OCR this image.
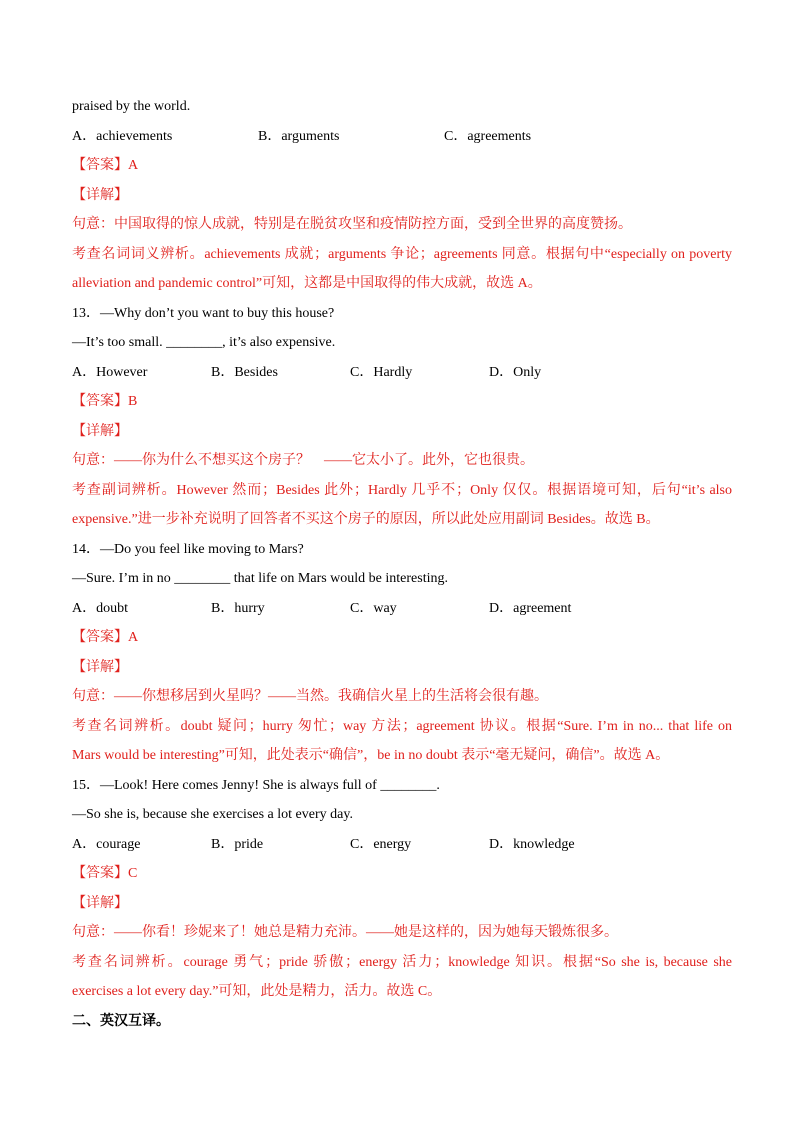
praised by the world.
A．achievements	B．arguments	C．agreements
【答案】A
【详解】
句意：中国取得的惊人成就，特别是在脱贫攻坚和疫情防控方面，受到全世界的高度赞扬。
考查名词词义辨析。achievements 成就；arguments 争论；agreements 同意。根据句中“especially on poverty
alleviation and pandemic control”可知，这都是中国取得的伟大成就，故选 A。
13．—Why don’t you want to buy this house?
—It’s too small. ________, it’s also expensive.
A．However	B．Besides	C．Hardly	D．Only
【答案】B
【详解】
句意：——你为什么不想买这个房子？　——它太小了。此外，它也很贵。
考查副词辨析。However 然而；Besides 此外；Hardly 几乎不；Only 仅仅。根据语境可知，后句“it’s also
expensive.”进一步补充说明了回答者不买这个房子的原因，所以此处应用副词 Besides。故选 B。
14．—Do you feel like moving to Mars?
—Sure. I’m in no ________ that life on Mars would be interesting.
A．doubt	B．hurry	C．way	D．agreement
【答案】A
【详解】
句意：——你想移居到火星吗？——当然。我确信火星上的生活将会很有趣。
考查名词辨析。doubt 疑问；hurry 匆忙；way 方法；agreement 协议。根据“Sure. I’m in no... that life on
Mars would be interesting”可知，此处表示“确信”，be in no doubt 表示“毫无疑问，确信”。故选 A。
15．—Look! Here comes Jenny! She is always full of ________.
—So she is, because she exercises a lot every day.
A．courage	B．pride	C．energy	D．knowledge
【答案】C
【详解】
句意：——你看！珍妮来了！她总是精力充沛。——她是这样的，因为她每天锻炼很多。
考查名词辨析。courage 勇气；pride 骄傲；energy 活力；knowledge 知识。根据“So she is, because she
exercises a lot every day.”可知，此处是精力，活力。故选 C。
二、英汉互译。
